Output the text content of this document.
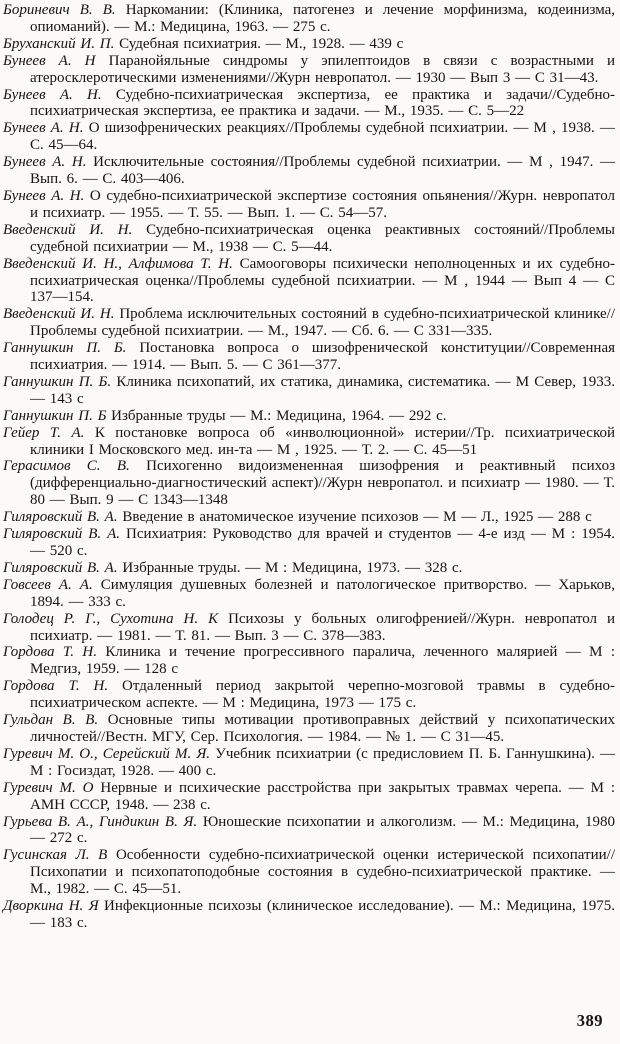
Бориневич В. В. Наркомании: (Клиника, патогенез и лечение морфинизма, кодеинизма, опиоманий). — М.: Медицина, 1963. — 275 с.

Бруханский И. П. Судебная психиатрия. — М., 1928. — 439 с

Бунеев А. Н Паранойяльные синдромы у эпилептоидов в связи с возрастными и атеросклеротическими изменениями//Журн невропатол. — 1930 — Вып 3 — С 31—43.

Бунеев А. Н. Судебно-психиатрическая экспертиза, ее практика и задачи//Судебно-психиатрическая экспертиза, ее практика и задачи. — М., 1935. — С. 5—22

Бунеев А. Н. О шизофренических реакциях//Проблемы судебной психиатрии. — М , 1938. — С. 45—64.

Бунеев А. Н. Исключительные состояния//Проблемы судебной психиатрии. — М , 1947. — Вып. 6. — С. 403—406.

Бунеев А. Н. О судебно-психиатрической экспертизе состояния опьянения//Журн. невропатол и психиатр. — 1955. — Т. 55. — Вып. 1. — С. 54—57.

Введенский И. Н. Судебно-психиатрическая оценка реактивных состояний//Проблемы судебной психиатрии — М., 1938 — С. 5—44.

Введенский И. Н., Алфимова Т. Н. Самооговоры психически неполноценных и их судебно-психиатрическая оценка//Проблемы судебной психиатрии. — М , 1944 — Вып 4 — С 137—154.

Введенский И. Н. Проблема исключительных состояний в судебно-психиатрической клинике//Проблемы судебной психиатрии. — М., 1947. — Сб. 6. — С 331—335.

Ганнушкин П. Б. Постановка вопроса о шизофренической конституции//Современная психиатрия. — 1914. — Вып. 5. — С 361—377.

Ганнушкин П. Б. Клиника психопатий, их статика, динамика, систематика. — М Север, 1933. — 143 с

Ганнушкин П. Б Избранные труды — М.: Медицина, 1964. — 292 с.

Гейер Т. А. К постановке вопроса об «инволюционной» истерии//Тр. психиатрической клиники I Московского мед. ин-та — М , 1925. — Т. 2. — С. 45—51

Герасимов С. В. Психогенно видоизмененная шизофрения и реактивный психоз (дифференциально-диагностический аспект)//Журн невропатол. и психиатр — 1980. — Т. 80 — Вып. 9 — С 1343—1348

Гиляровский В. А. Введение в анатомическое изучение психозов — М — Л., 1925 — 288 с

Гиляровский В. А. Психиатрия: Руководство для врачей и студентов — 4-е изд — М : 1954. — 520 с.

Гиляровский В. А. Избранные труды. — М : Медицина, 1973. — 328 с.

Говсеев А. А. Симуляция душевных болезней и патологическое притворство. — Харьков, 1894. — 333 с.

Голодец Р. Г., Сухотина Н. К Психозы у больных олигофренией//Журн. невропатол и психиатр. — 1981. — Т. 81. — Вып. 3 — С. 378—383.

Гордова Т. Н. Клиника и течение прогрессивного паралича, леченного малярией — М : Медгиз, 1959. — 128 с

Гордова Т. Н. Отдаленный период закрытой черепно-мозговой травмы в судебно-психиатрическом аспекте. — М : Медицина, 1973 — 175 с.

Гульдан В. В. Основные типы мотивации противоправных действий у психопатических личностей//Вестн. МГУ, Сер. Психология. — 1984. — № 1. — С 31—45.

Гуревич М. О., Серейский М. Я. Учебник психиатрии (с предисловием П. Б. Ганнушкина). — М : Госиздат, 1928. — 400 с.

Гуревич М. О Нервные и психические расстройства при закрытых травмах черепа. — М : АМН СССР, 1948. — 238 с.

Гурьева В. А., Гиндикин В. Я. Юношеские психопатии и алкоголизм. — М.: Медицина, 1980 — 272 с.

Гусинская Л. В Особенности судебно-психиатрической оценки истерической психопатии//Психопатии и психопатоподобные состояния в судебно-психиатрической практике. — М., 1982. — С. 45—51.

Дворкина Н. Я Инфекционные психозы (клиническое исследование). — М.: Медицина, 1975. — 183 с.

389
